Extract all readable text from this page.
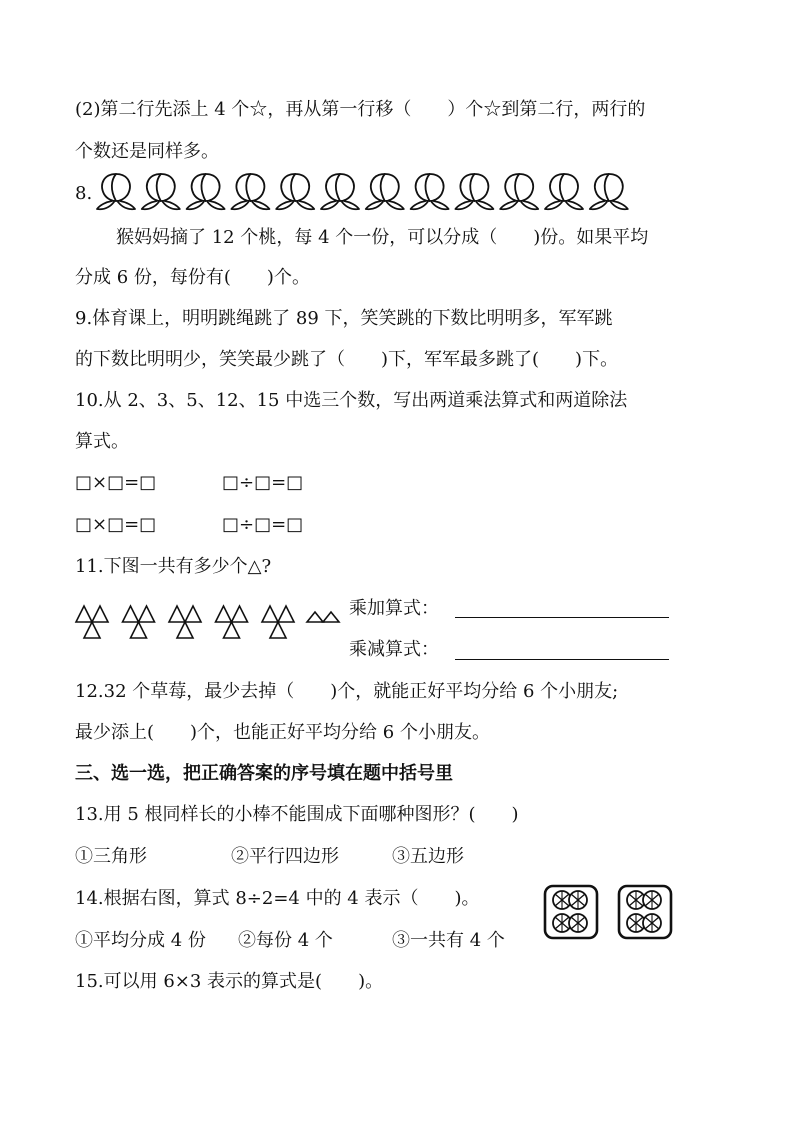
(2)第二行先添上 4 个☆，再从第一行移（　　）个☆到第二行，两行的
个数还是同样多。
8.
猴妈妈摘了 12 个桃，每 4 个一份，可以分成（　　)份。如果平均
分成 6 份，每份有(　　)个。
9.体育课上，明明跳绳跳了 89 下，笑笑跳的下数比明明多，军军跳
的下数比明明少，笑笑最少跳了（　　)下，军军最多跳了(　　)下。
10.从 2、3、5、12、15 中选三个数，写出两道乘法算式和两道除法
算式。
□×□=□	□÷□=□
□×□=□	□÷□=□
11.下图一共有多少个△?
乘加算式：
乘减算式：
12.32 个草莓，最少去掉（　　)个，就能正好平均分给 6 个小朋友;
最少添上(　　)个，也能正好平均分给 6 个小朋友。
三、选一选，把正确答案的序号填在题中括号里
13.用 5 根同样长的小棒不能围成下面哪种图形？(　　)
①三角形	②平行四边形	③五边形
14.根据右图，算式 8÷2=4 中的 4 表示（　　)。
①平均分成 4 份 ②每份 4 个	③一共有 4 个
15.可以用 6×3 表示的算式是(　　)。
